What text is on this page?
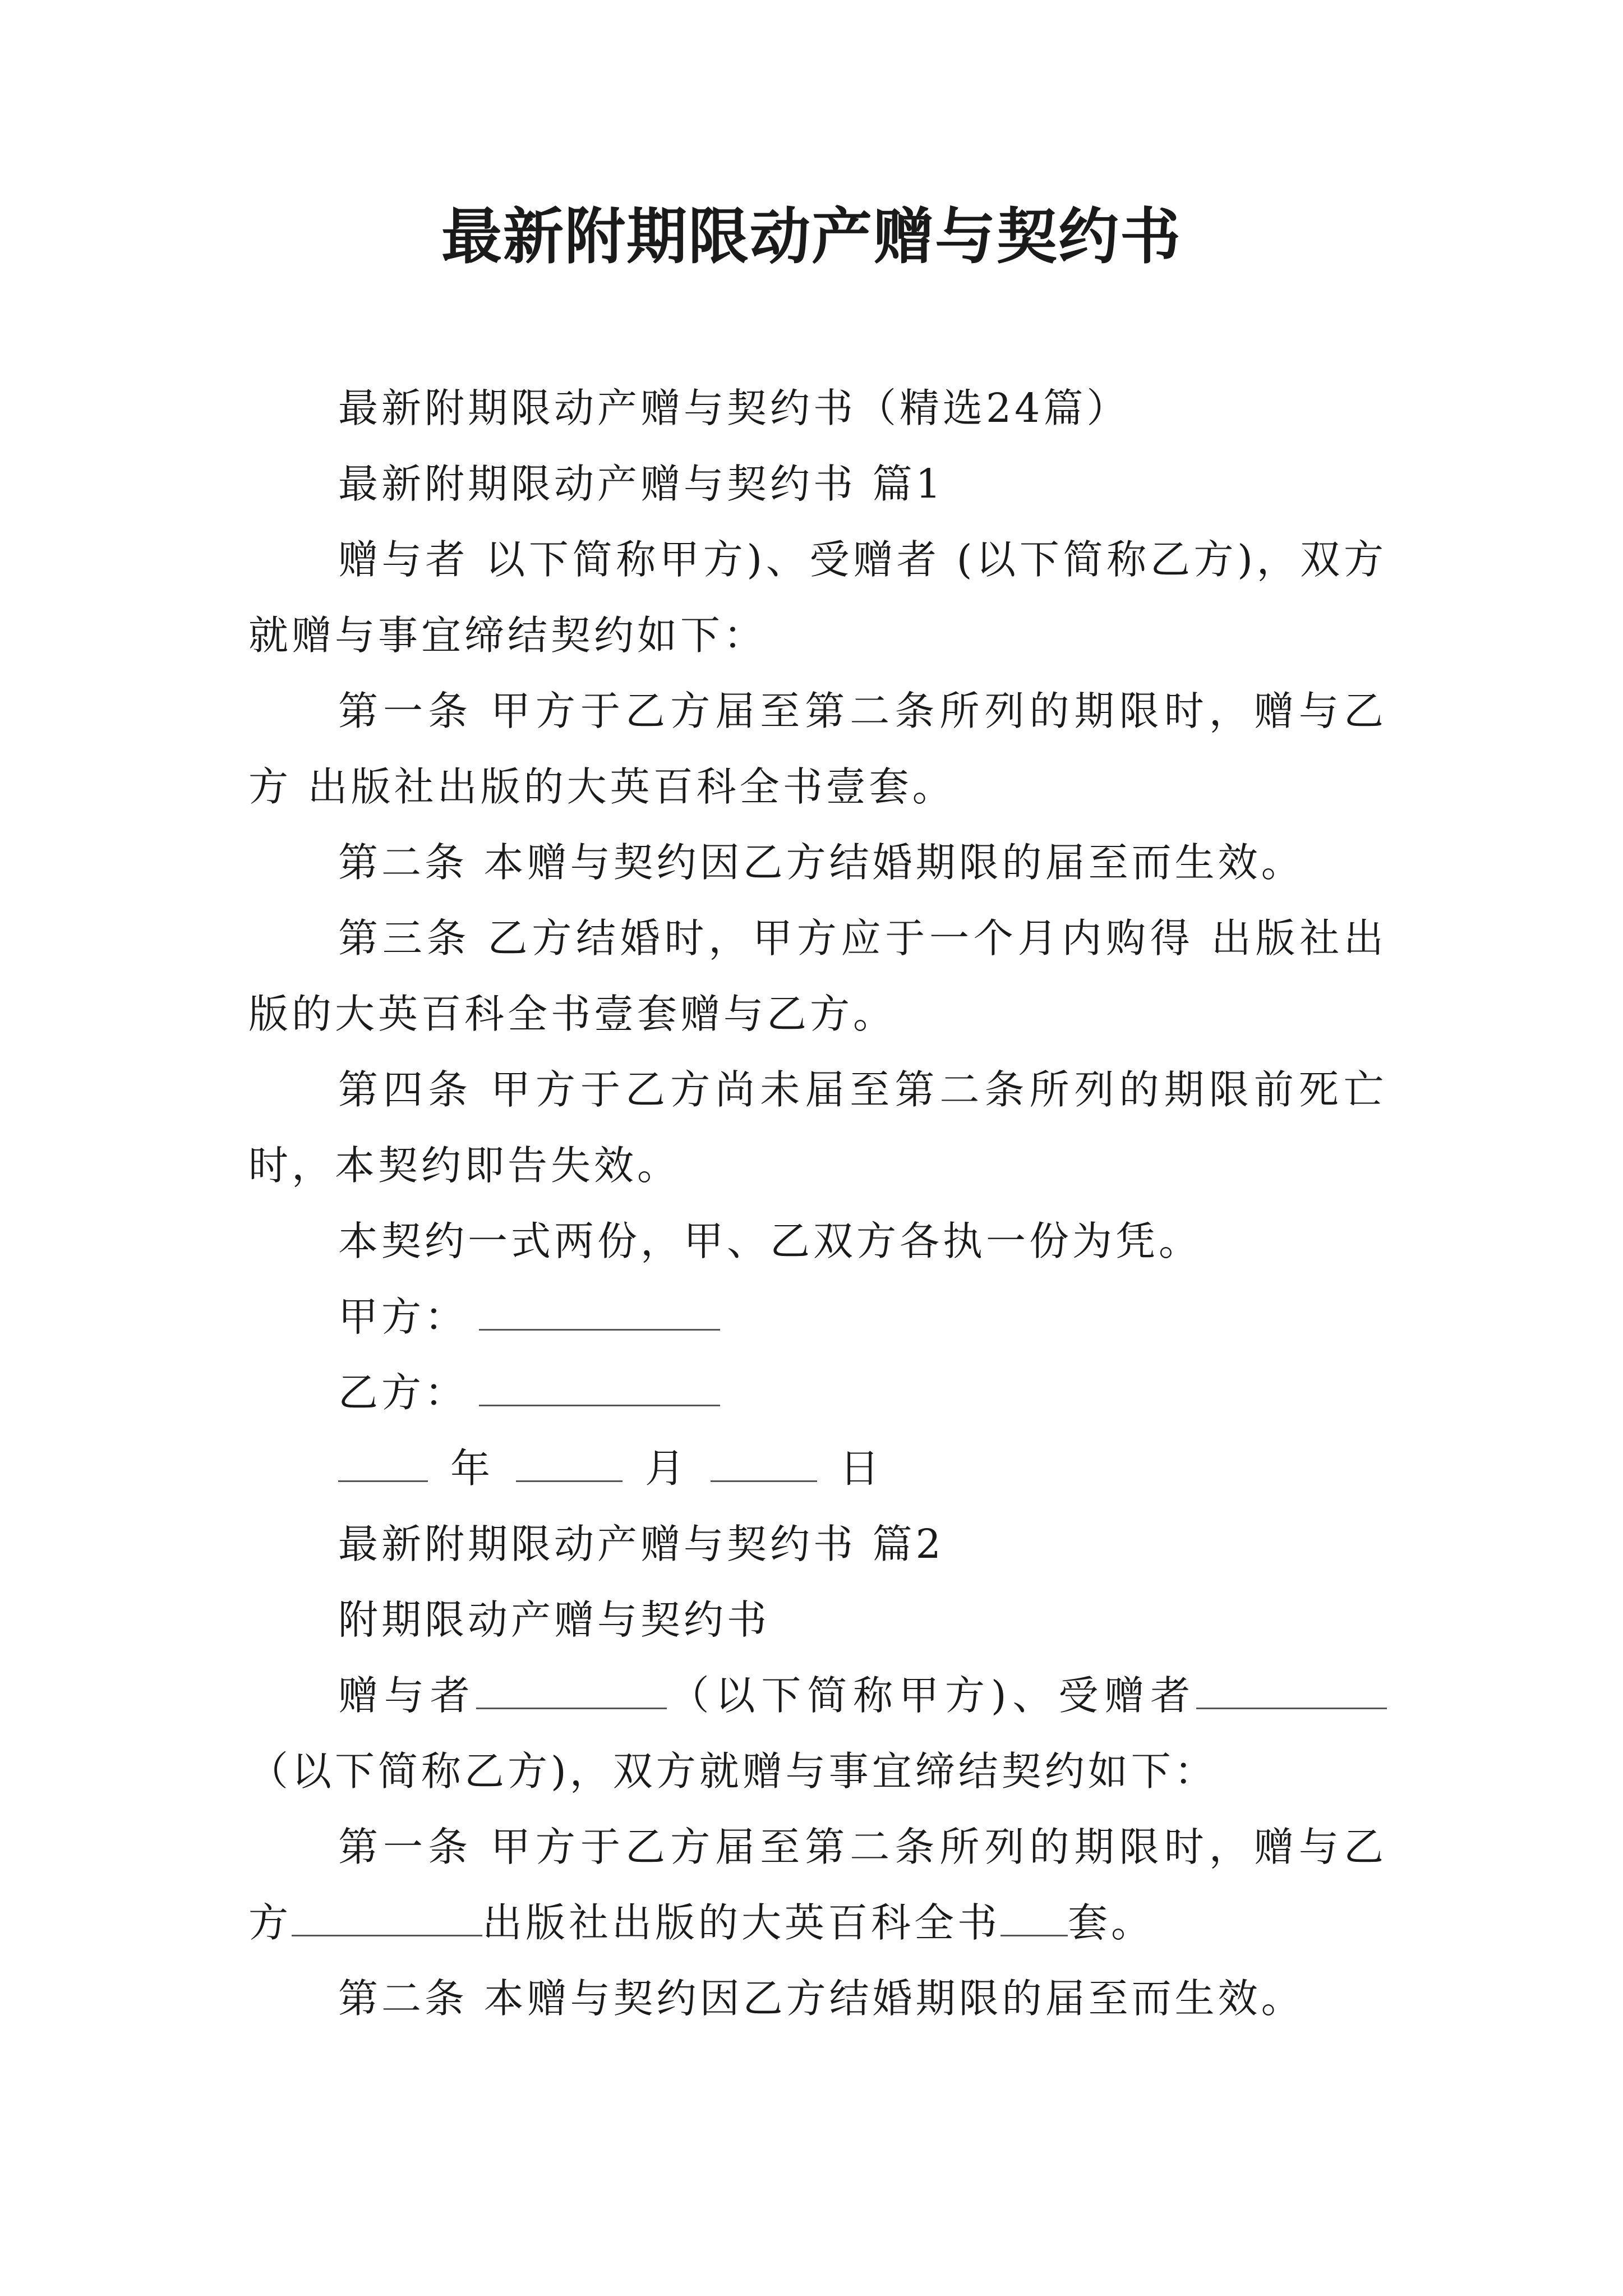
最新附期限动产赠与契约书

最新附期限动产赠与契约书（精选24篇）

最新附期限动产赠与契约书 篇1

赠与者 以下简称甲方)、受赠者 (以下简称乙方)，双方就赠与事宜缔结契约如下：

第一条 甲方于乙方届至第二条所列的期限时，赠与乙方 出版社出版的大英百科全书壹套。

第二条 本赠与契约因乙方结婚期限的届至而生效。

第三条 乙方结婚时，甲方应于一个月内购得 出版社出版的大英百科全书壹套赠与乙方。

第四条 甲方于乙方尚未届至第二条所列的期限前死亡时，本契约即告失效。

本契约一式两份，甲、乙双方各执一份为凭。

甲方：

乙方：

年	月	日

最新附期限动产赠与契约书 篇2

附期限动产赠与契约书

赠与者	（以下简称甲方)、受赠者（以下简称乙方)，双方就赠与事宜缔结契约如下：

第一条 甲方于乙方届至第二条所列的期限时，赠与乙方	出版社出版的大英百科全书 套。

第二条 本赠与契约因乙方结婚期限的届至而生效。
